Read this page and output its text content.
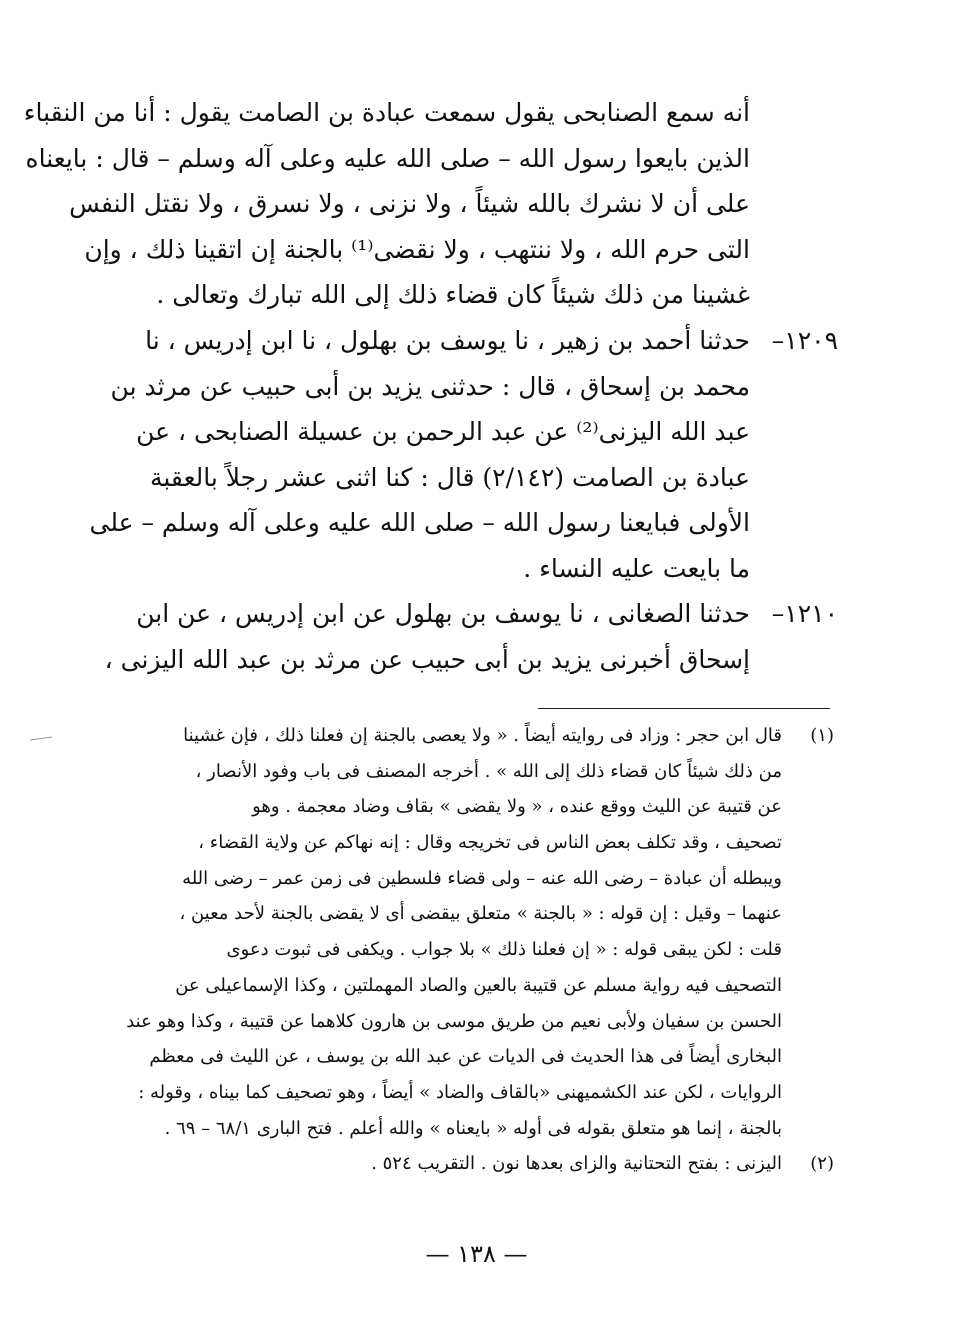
أنه سمع الصنابحى يقول سمعت عبادة بن الصامت يقول : أنا من النقباء
الذين بايعوا رسول الله – صلى الله عليه وعلى آله وسلم – قال : بايعناه
على أن لا نشرك بالله شيئاً ، ولا نزنى ، ولا نسرق ، ولا نقتل النفس
التى حرم الله ، ولا ننتهب ، ولا نقضى⁽¹⁾ بالجنة إن اتقينا ذلك ، وإن
غشينا من ذلك شيئاً كان قضاء ذلك إلى الله تبارك وتعالى .
١٢٠٩–
حدثنا أحمد بن زهير ، نا يوسف بن بهلول ، نا ابن إدريس ، نا
محمد بن إسحاق ، قال : حدثنى يزيد بن أبى حبيب عن مرثد بن
عبد الله اليزنى⁽²⁾ عن عبد الرحمن بن عسيلة الصنابحى ، عن
عبادة بن الصامت (٢/١٤٢) قال : كنا اثنى عشر رجلاً بالعقبة
الأولى فبايعنا رسول الله – صلى الله عليه وعلى آله وسلم – على
ما بايعت عليه النساء .
١٢١٠–
حدثنا الصغانى ، نا يوسف بن بهلول عن ابن إدريس ، عن ابن
إسحاق أخبرنى يزيد بن أبى حبيب عن مرثد بن عبد الله اليزنى ،
(١)
قال ابن حجر : وزاد فى روايته أيضاً . « ولا يعصى بالجنة إن فعلنا ذلك ، فإن غشينا
من ذلك شيئاً كان قضاء ذلك إلى الله » . أخرجه المصنف فى باب وفود الأنصار ،
عن قتيبة عن الليث ووقع عنده ، « ولا يقضى » بقاف وضاد معجمة . وهو
تصحيف ، وقد تكلف بعض الناس فى تخريجه وقال : إنه نهاكم عن ولاية القضاء ،
ويبطله أن عبادة – رضى الله عنه – ولى قضاء فلسطين فى زمن عمر – رضى الله
عنهما – وقيل : إن قوله : « بالجنة » متعلق بيقضى أى لا يقضى بالجنة لأحد معين ،
قلت : لكن يبقى قوله : « إن فعلنا ذلك » بلا جواب . ويكفى فى ثبوت دعوى
التصحيف فيه رواية مسلم عن قتيبة بالعين والصاد المهملتين ، وكذا الإسماعيلى عن
الحسن بن سفيان ولأبى نعيم من طريق موسى بن هارون كلاهما عن قتيبة ، وكذا وهو عند
البخارى أيضاً فى هذا الحديث فى الديات عن عبد الله بن يوسف ، عن الليث فى معظم
الروايات ، لكن عند الكشميهنى «بالقاف والضاد » أيضاً ، وهو تصحيف كما بيناه ، وقوله :
بالجنة ، إنما هو متعلق بقوله فى أوله « بايعناه » والله أعلم . فتح البارى ٦٨/١ – ٦٩ .
(٢)
اليزنى : بفتح التحتانية والزاى بعدها نون . التقريب ٥٢٤ .
— ١٣٨ —
